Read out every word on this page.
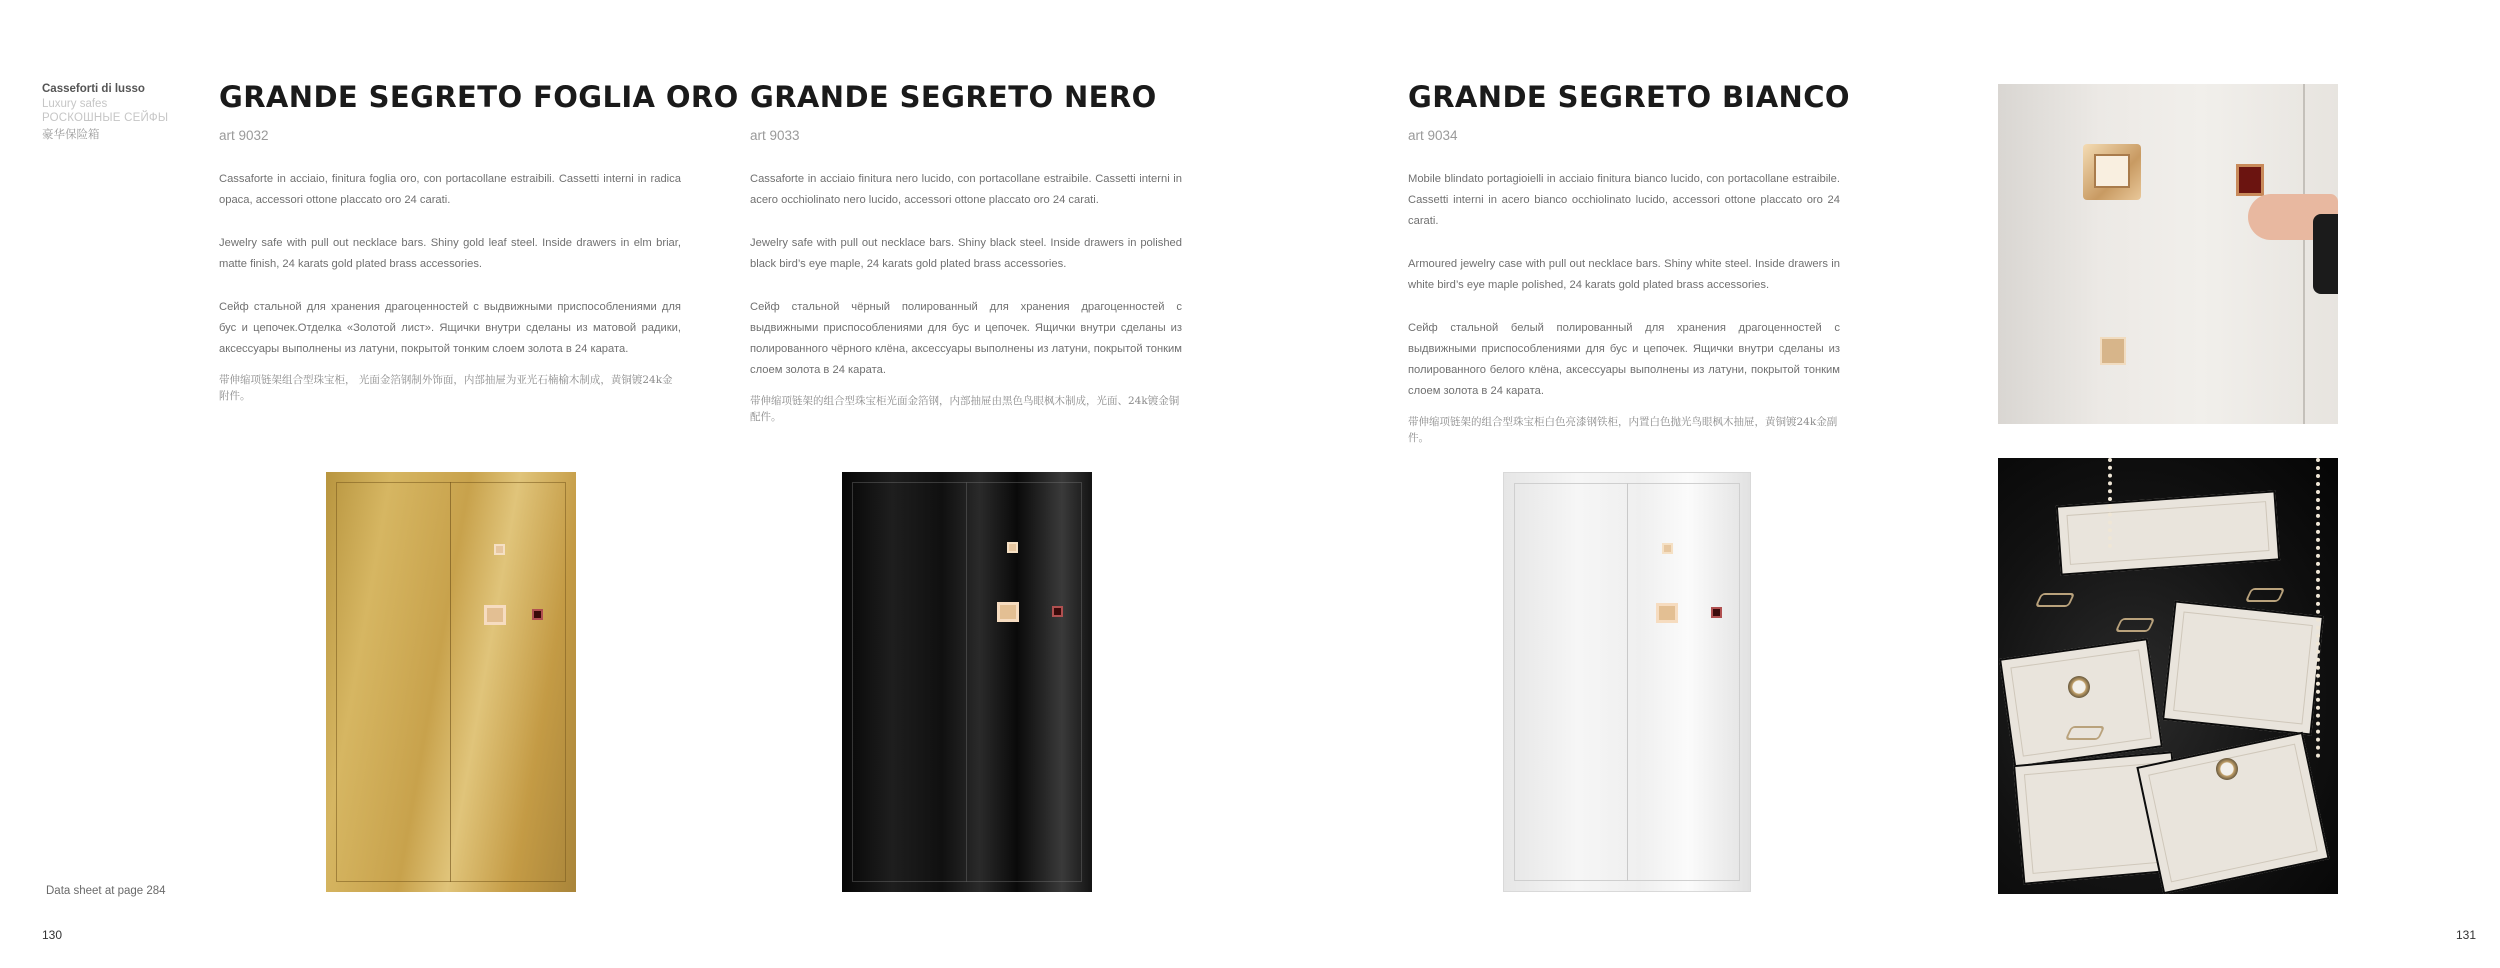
Casseforti di lusso
Luxury safes
РОСКОШНЫЕ СЕЙФЫ
豪华保险箱
Data sheet at page 284
130	131
GRANDE SEGRETO FOGLIA ORO
art 9032
Cassaforte in acciaio, finitura foglia oro, con portacollane estraibili. Cassetti interni in radica opaca, accessori ottone placcato oro 24 carati.
Jewelry safe with pull out necklace bars. Shiny gold leaf steel. Inside drawers in elm briar, matte finish, 24 karats gold plated brass accessories.
Сейф стальной для хранения драгоценностей с выдвижными приспособлениями для бус и цепочек.Отделка «Золотой лист». Ящички внутри сделаны из матовой радики, аксессуары выполнены из латуни, покрытой тонким слоем золота в 24 карата.
带伸缩项链架组合型珠宝柜， 光面金箔钢制外饰面，内部抽屉为亚光石楠榆木制成，黄铜镀24k金附件。
GRANDE SEGRETO NERO
art 9033
Cassaforte in acciaio finitura nero lucido, con portacollane estraibile. Cassetti interni in acero occhiolinato nero lucido, accessori ottone placcato oro 24 carati.
Jewelry safe with pull out necklace bars. Shiny black steel. Inside drawers in polished black bird’s eye maple, 24 karats gold plated brass accessories.
Сейф стальной чёрный полированный для хранения драгоценностей с выдвижными приспособлениями для бус и цепочек. Ящички внутри сделаны из полированного чёрного клёна, аксессуары выполнены из латуни, покрытой тонким слоем золота в 24 карата.
带伸缩项链架的组合型珠宝柜光面金箔钢，内部抽屉由黑色鸟眼枫木制成，光面、24k镀金铜配件。
GRANDE SEGRETO BIANCO
art 9034
Mobile blindato portagioielli in acciaio finitura bianco lucido, con portacollane estraibile. Cassetti interni in acero bianco occhiolinato lucido, accessori ottone placcato oro 24 carati.
Armoured jewelry case with pull out necklace bars. Shiny white steel. Inside drawers in white bird’s eye maple polished, 24 karats gold plated brass accessories.
Сейф стальной белый полированный для хранения драгоценностей с выдвижными приспособлениями для бус и цепочек. Ящички внутри сделаны из полированного белого клёна, аксессуары выполнены из латуни, покрытой тонким слоем золота в 24 карата.
带伸缩项链架的组合型珠宝柜白色亮漆钢铁柜，内置白色抛光鸟眼枫木抽屉，黄铜镀24k金副件。
